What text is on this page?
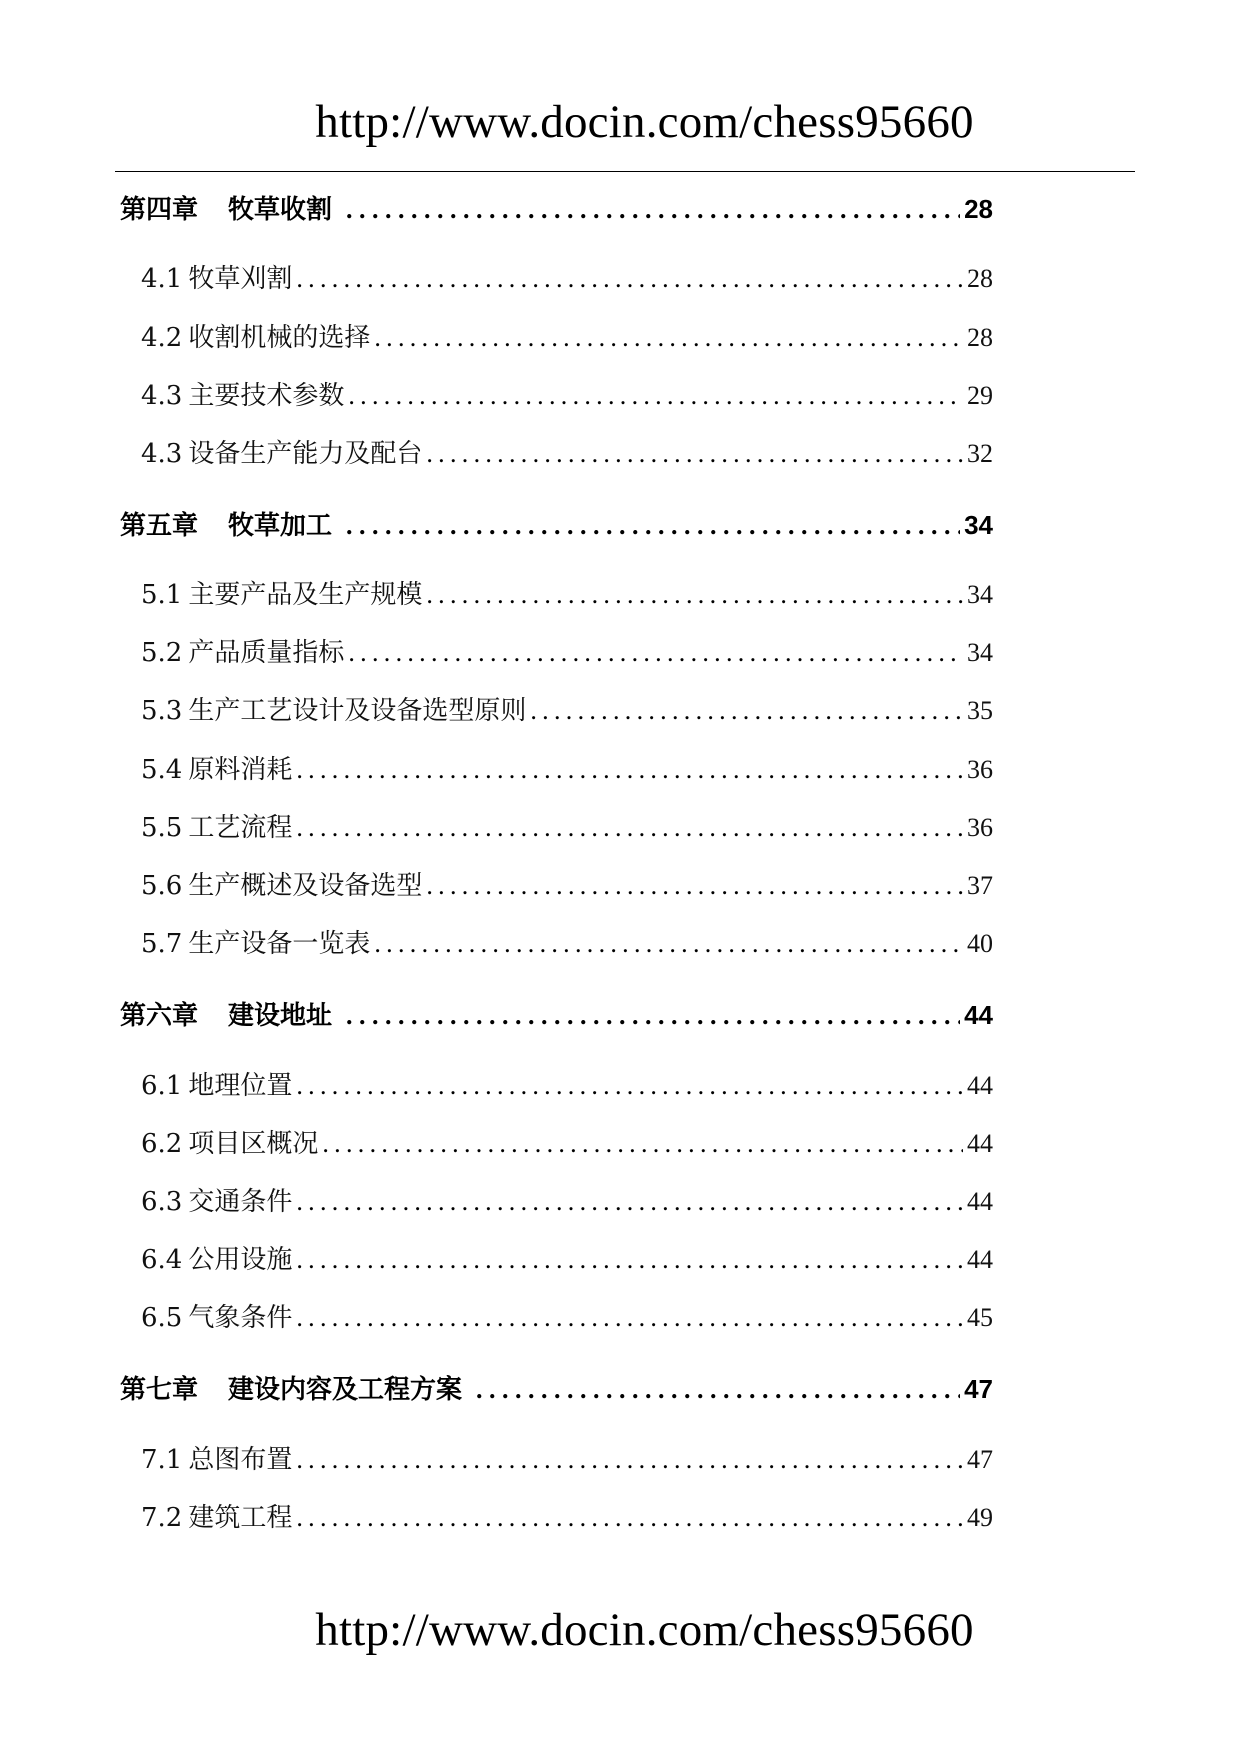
http://www.docin.com/chess95660
第四章 牧草收割 .....	28
4.1 牧草刈割 .....	28
4.2 收割机械的选择 .....	28
4.3 主要技术参数 .....	29
4.3 设备生产能力及配台 .....	32
第五章 牧草加工 .....	34
5.1 主要产品及生产规模 .....	34
5.2 产品质量指标 .....	34
5.3 生产工艺设计及设备选型原则 .....	35
5.4 原料消耗 .....	36
5.5 工艺流程 .....	36
5.6 生产概述及设备选型 .....	37
5.7 生产设备一览表 .....	40
第六章 建设地址 .....	44
6.1 地理位置 .....	44
6.2 项目区概况 .....	44
6.3 交通条件 .....	44
6.4 公用设施 .....	44
6.5 气象条件 .....	45
第七章 建设内容及工程方案 .....	47
7.1 总图布置 .....	47
7.2 建筑工程 .....	49
http://www.docin.com/chess95660
